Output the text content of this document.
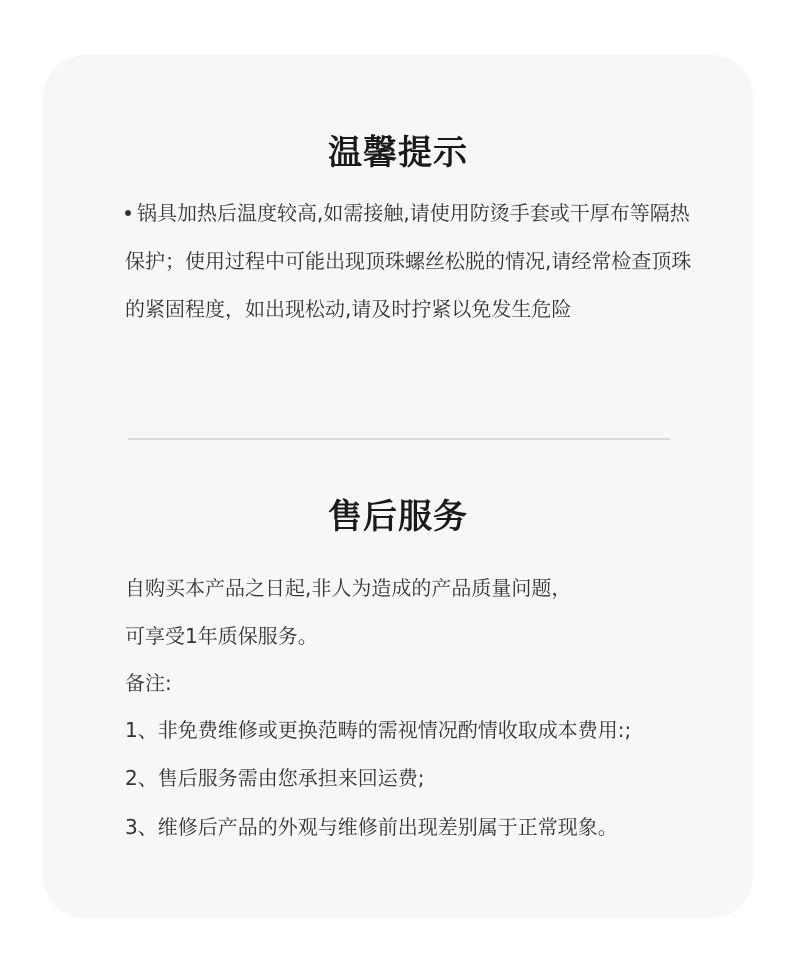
温馨提示
锅具加热后温度较高,如需接触,请使用防烫手套或干厚布等隔热保护；使用过程中可能出现顶珠螺丝松脱的情况,请经常检查顶珠的紧固程度，如出现松动,请及时拧紧以免发生危险
售后服务
自购买本产品之日起,非人为造成的产品质量问题，
可享受1年质保服务。
备注:
1、非免费维修或更换范畴的需视情况酌情收取成本费用:;
2、售后服务需由您承担来回运费;
3、维修后产品的外观与维修前出现差别属于正常现象。
